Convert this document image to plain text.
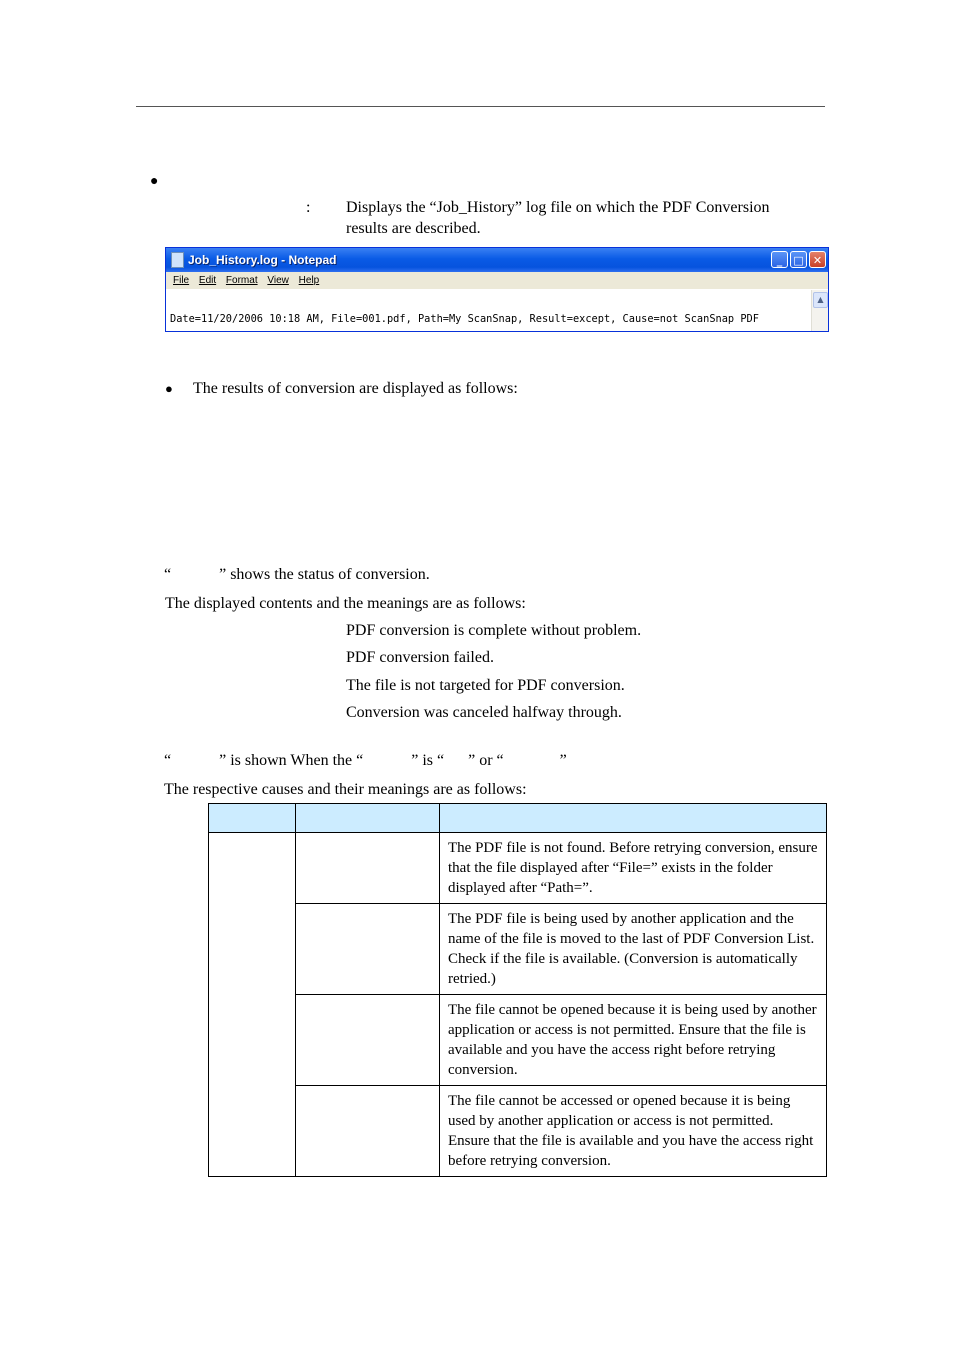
●
: Displays the “Job_History” log file on which the PDF Conversion
results are described.
Job_History.log - Notepad	_	□ ✕
File Edit Format View Help

Date=11/20/2006 10:18 AM, File=001.pdf, Path=My ScanSnap, Result=except, Cause=not ScanSnap PDF

▲
● The results of conversion are displayed as follows:
“            ” shows the status of conversion.
The displayed contents and the meanings are as follows:
PDF conversion is complete without problem.
PDF conversion failed.
The file is not targeted for PDF conversion.
Conversion was canceled halfway through.
“            ” is shown When the “            ” is “      ” or “              ”
The respective causes and their meanings are as follows:

		The PDF file is not found. Before retrying conversion, ensure that the file displayed after “File=” exists in the folder displayed after “Path=”.
		The PDF file is being used by another application and the name of the file is moved to the last of PDF Conversion List. Check if the file is available. (Conversion is automatically retried.)
		The file cannot be opened because it is being used by another application or access is not permitted. Ensure that the file is available and you have the access right before retrying conversion.
		The file cannot be accessed or opened because it is being used by another application or access is not permitted. Ensure that the file is available and you have the access right before retrying conversion.
